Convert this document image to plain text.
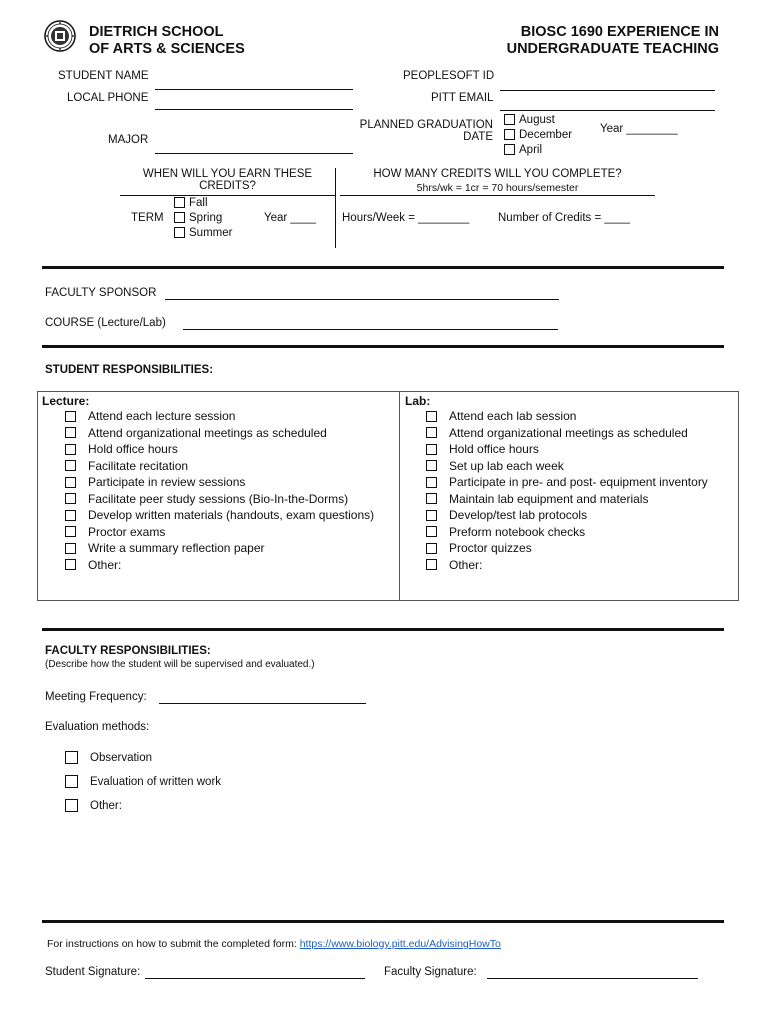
DIETRICH SCHOOL
OF ARTS & SCIENCES
BIOSC 1690 EXPERIENCE IN
UNDERGRADUATE TEACHING
STUDENT NAME
LOCAL PHONE
MAJOR
PEOPLESOFT ID
PITT EMAIL
PLANNED GRADUATION
DATE
August
December
April
Year ________
WHEN WILL YOU EARN THESE
CREDITS?
TERM
Fall
Spring
Summer
Year ____
HOW MANY CREDITS WILL YOU COMPLETE?
5hrs/wk = 1cr = 70 hours/semester
Hours/Week = ________ Number of Credits = ____
FACULTY SPONSOR
COURSE (Lecture/Lab)
STUDENT RESPONSIBILITIES:
Lecture:
Attend each lecture session
Attend organizational meetings as scheduled
Hold office hours
Facilitate recitation
Participate in review sessions
Facilitate peer study sessions (Bio-In-the-Dorms)
Develop written materials (handouts, exam questions)
Proctor exams
Write a summary reflection paper
Other:
Lab:
Attend each lab session
Attend organizational meetings as scheduled
Hold office hours
Set up lab each week
Participate in pre- and post- equipment inventory
Maintain lab equipment and materials
Develop/test lab protocols
Preform notebook checks
Proctor quizzes
Other:
FACULTY RESPONSIBILITIES:
(Describe how the student will be supervised and evaluated.)
Meeting Frequency:
Evaluation methods:
Observation
Evaluation of written work
Other:
For instructions on how to submit the completed form: https://www.biology.pitt.edu/AdvisingHowTo
Student Signature:	Faculty Signature:
